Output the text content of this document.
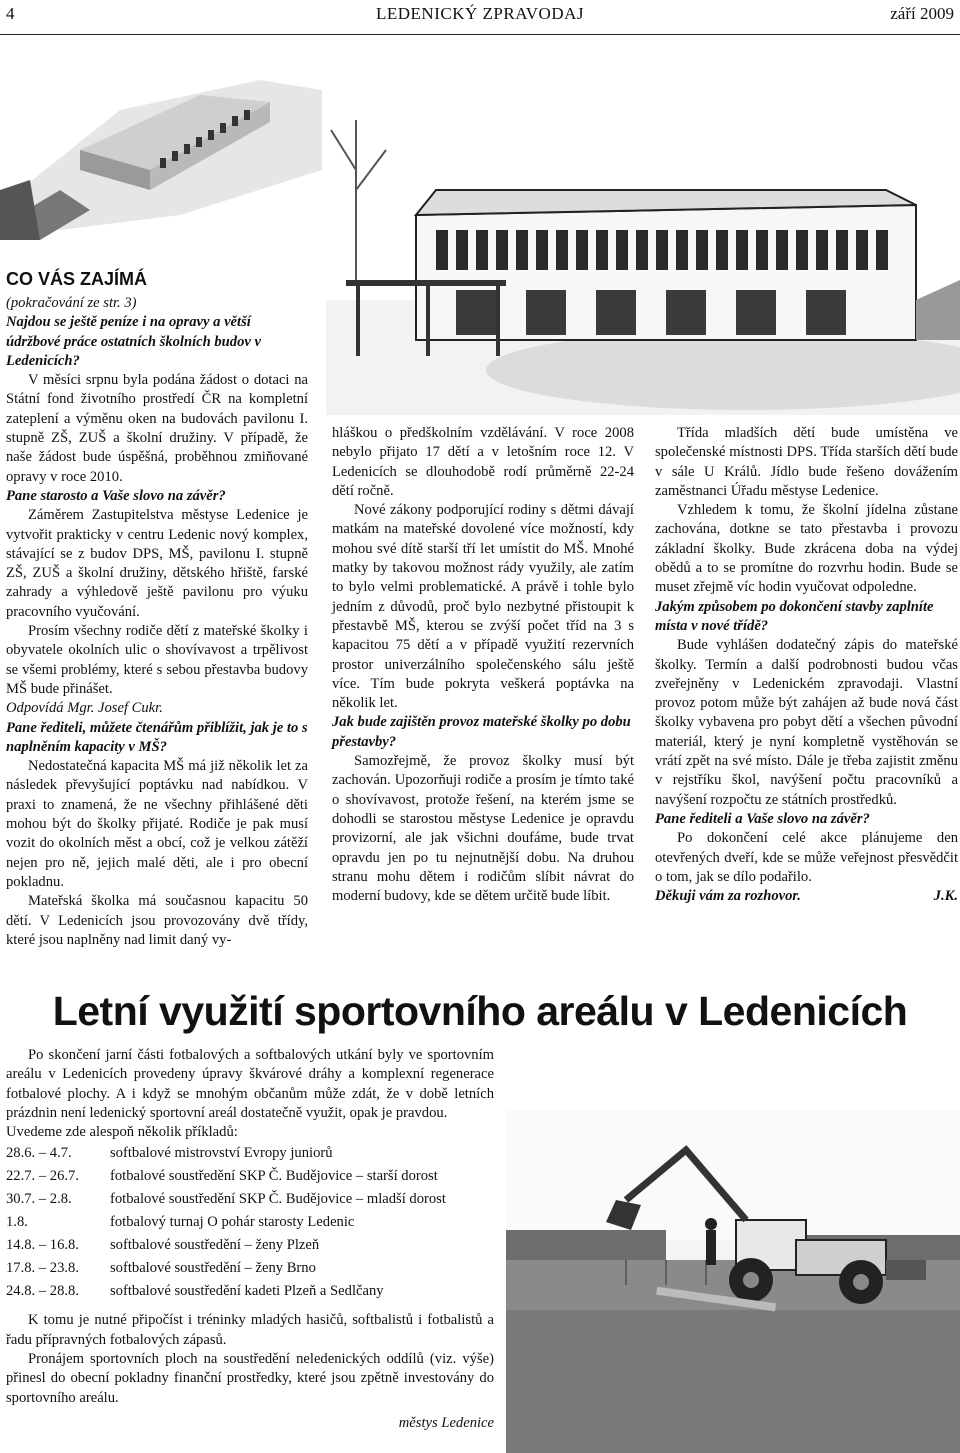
4	LEDENICKÝ ZPRAVODAJ	září 2009
CO VÁS ZAJÍMÁ

(pokračování ze str. 3)

Najdou se ještě peníze i na opravy a větší údržbové práce ostatních školních budov v Ledenicích?

V měsíci srpnu byla podána žádost o dotaci na Státní fond životního prostředí ČR na kompletní zateplení a výměnu oken na budovách pavilonu I. stupně ZŠ, ZUŠ a školní družiny. V případě, že naše žádost bude úspěšná, proběhnou zmiňované opravy v roce 2010.

Pane starosto a Vaše slovo na závěr?

Záměrem Zastupitelstva městyse Ledenice je vytvořit prakticky v centru Ledenic nový komplex, stávající se z budov DPS, MŠ, pavilonu I. stupně ZŠ, ZUŠ a školní družiny, dětského hřiště, farské zahrady a výhledově ještě pavilonu pro výuku pracovního vyučování.

Prosím všechny rodiče dětí z mateřské školky i obyvatele okolních ulic o shovívavost a trpělivost se všemi problémy, které s sebou přestavba budovy MŠ bude přinášet.

Odpovídá Mgr. Josef Cukr.

Pane řediteli, můžete čtenářům přiblížit, jak je to s naplněním kapacity v MŠ?

Nedostatečná kapacita MŠ má již několik let za následek převyšující poptávku nad nabídkou. V praxi to znamená, že ne všechny přihlášené děti mohou být do školky přijaté. Rodiče je pak musí vozit do okolních měst a obcí, což je velkou zátěží nejen pro ně, jejich malé děti, ale i pro obecní pokladnu.

Mateřská školka má současnou kapacitu 50 dětí. V Ledenicích jsou provozovány dvě třídy, které jsou naplněny nad limit daný vy-

hláškou o předškolním vzdělávání. V roce 2008 nebylo přijato 17 dětí a v letošním roce 12. V Ledenicích se dlouhodobě rodí průměrně 22-24 dětí ročně.

Nové zákony podporující rodiny s dětmi dávají matkám na mateřské dovolené více možností, kdy mohou své dítě starší tří let umístit do MŠ. Mnohé matky by takovou možnost rády využily, ale zatím to bylo velmi problematické. A právě i tohle bylo jedním z důvodů, proč bylo nezbytné přistoupit k přestavbě MŠ, kterou se zvýší počet tříd na 3 s kapacitou 75 dětí a v případě využití rezervních prostor univerzálního společenského sálu ještě více. Tím bude pokryta veškerá poptávka na několik let.

Jak bude zajištěn provoz mateřské školky po dobu přestavby?

Samozřejmě, že provoz školky musí být zachován. Upozorňuji rodiče a prosím je tímto také o shovívavost, protože řešení, na kterém jsme se dohodli se starostou městyse Ledenice je opravdu provizorní, ale jak všichni doufáme, bude trvat opravdu jen po tu nejnutnější dobu. Na druhou stranu mohu dětem i rodičům slíbit návrat do moderní budovy, kde se dětem určitě bude líbit.

Třída mladších dětí bude umístěna ve společenské místnosti DPS. Třída starších dětí bude v sále U Králů. Jídlo bude řešeno dovážením zaměstnanci Úřadu městyse Ledenice.

Vzhledem k tomu, že školní jídelna zůstane zachována, dotkne se tato přestavba i provozu základní školky. Bude zkrácena doba na výdej obědů a to se promítne do rozvrhu hodin. Bude se muset zřejmě víc hodin vyučovat odpoledne.

Jakým způsobem po dokončení stavby zaplníte místa v nové třídě?

Bude vyhlášen dodatečný zápis do mateřské školky. Termín a další podrobnosti budou včas zveřejněny v Ledenickém zpravodaji. Vlastní provoz potom může být zahájen až bude nová část školky vybavena pro pobyt dětí a všechen původní materiál, který je nyní kompletně vystěhován se vrátí zpět na své místo. Dále je třeba zajistit změnu v rejstříku škol, navýšení počtu pracovníků a navýšení rozpočtu ze státních prostředků.

Pane řediteli a Vaše slovo na závěr?

Po dokončení celé akce plánujeme den otevřených dveří, kde se může veřejnost přesvědčit o tom, jak se dílo podařilo.

Děkuji vám za rozhovor.	J.K.
Letní využití sportovního areálu v Ledenicích

Po skončení jarní části fotbalových a softbalových utkání byly ve sportovním areálu v Ledenicích provedeny úpravy škvárové dráhy a komplexní regenerace fotbalové plochy. A i když se mnohým občanům může zdát, že v době letních prázdnin není ledenický sportovní areál dostatečně využit, opak je pravdou.

Uvedeme zde alespoň několik příkladů:

28.6. – 4.7.	softbalové mistrovství Evropy juniorů
22.7. – 26.7.	fotbalové soustředění SKP Č. Budějovice – starší dorost
30.7. – 2.8.	fotbalové soustředění SKP Č. Budějovice – mladší dorost
1.8.	fotbalový turnaj O pohár starosty Ledenic
14.8. – 16.8.	softbalové soustředění – ženy Plzeň
17.8. – 23.8.	softbalové soustředění – ženy Brno
24.8. – 28.8.	softbalové soustředění kadeti Plzeň a Sedlčany

K tomu je nutné připočíst i tréninky mladých hasičů, softbalistů i fotbalistů a řadu přípravných fotbalových zápasů.

Pronájem sportovních ploch na soustředění neledenických oddílů (viz. výše) přinesl do obecní pokladny finanční prostředky, které jsou zpětně investovány do sportovního areálu.

městys Ledenice
